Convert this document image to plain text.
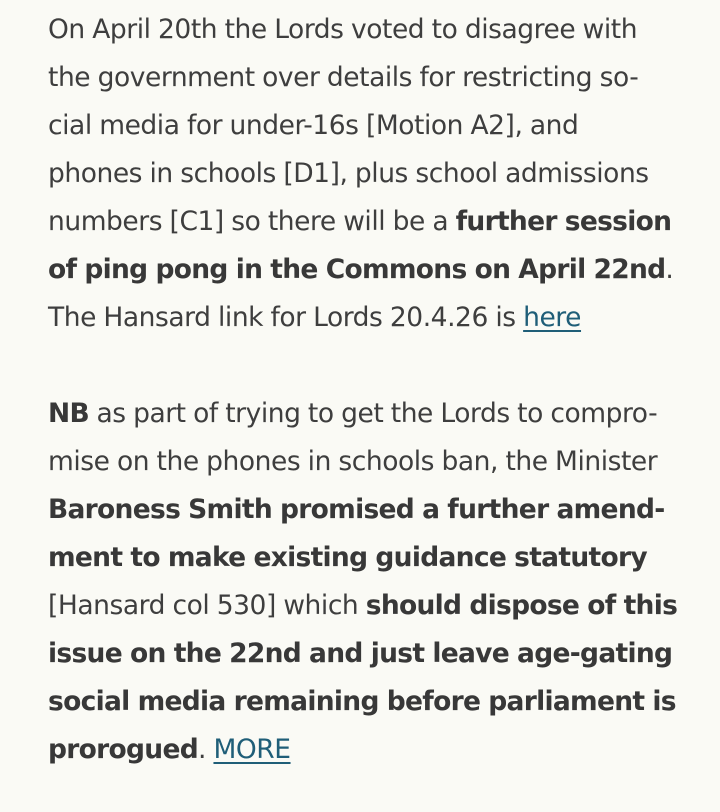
On April 20th the Lords voted to disagree with
the government over details for restricting so-
cial media for under-16s [Motion A2], and
phones in schools [D1], plus school admissions
numbers [C1] so there will be a further session
of ping pong in the Commons on April 22nd.
The Hansard link for Lords 20.4.26 is here

NB as part of trying to get the Lords to compro-
mise on the phones in schools ban, the Minister
Baroness Smith promised a further amend-
ment to make existing guidance statutory
[Hansard col 530] which should dispose of this
issue on the 22nd and just leave age-gating
social media remaining before parliament is
prorogued. MORE
